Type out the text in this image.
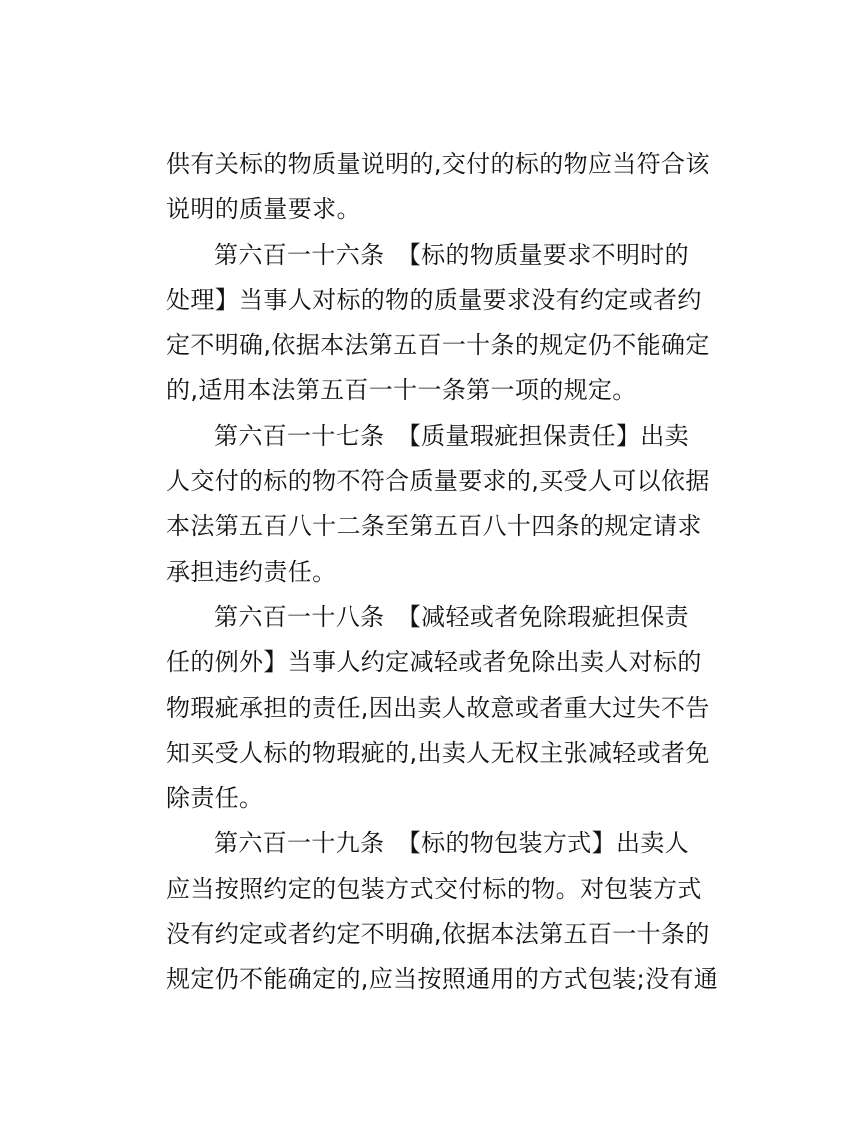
供有关标的物质量说明的,交付的标的物应当符合该
说明的质量要求。
第六百一十六条　【标的物质量要求不明时的
处理】当事人对标的物的质量要求没有约定或者约
定不明确,依据本法第五百一十条的规定仍不能确定
的,适用本法第五百一十一条第一项的规定。
第六百一十七条　【质量瑕疵担保责任】出卖
人交付的标的物不符合质量要求的,买受人可以依据
本法第五百八十二条至第五百八十四条的规定请求
承担违约责任。
第六百一十八条　【减轻或者免除瑕疵担保责
任的例外】当事人约定减轻或者免除出卖人对标的
物瑕疵承担的责任,因出卖人故意或者重大过失不告
知买受人标的物瑕疵的,出卖人无权主张减轻或者免
除责任。
第六百一十九条　【标的物包装方式】出卖人
应当按照约定的包装方式交付标的物。对包装方式
没有约定或者约定不明确,依据本法第五百一十条的
规定仍不能确定的,应当按照通用的方式包装;没有通
